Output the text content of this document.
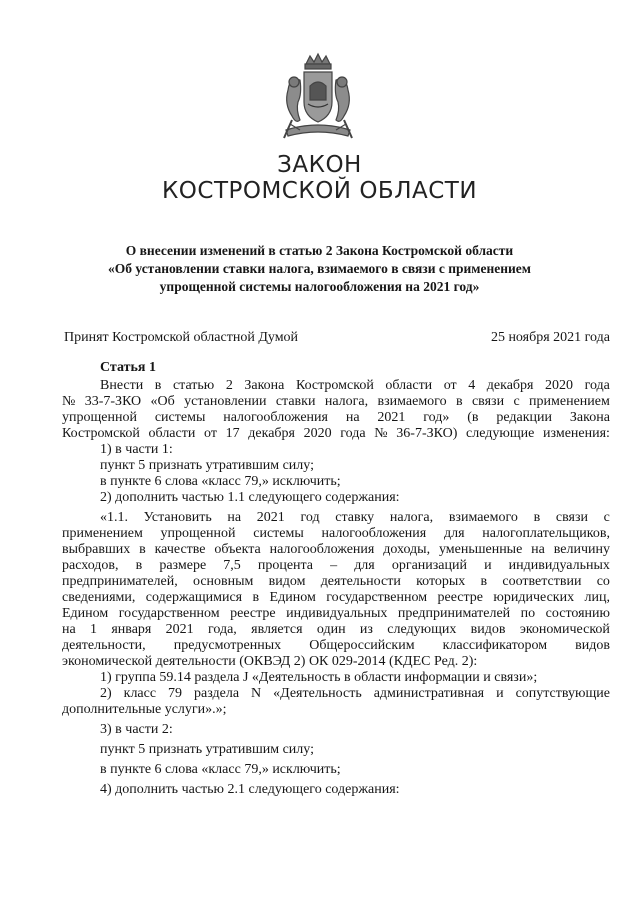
ЗАКОН
КОСТРОМСКОЙ ОБЛАСТИ
О внесении изменений в статью 2 Закона Костромской области
«Об установлении ставки налога, взимаемого в связи с применением
упрощенной системы налогообложения на 2021 год»
Принят Костромской областной Думой	25 ноября 2021 года
Статья 1
Внести в статью 2 Закона Костромской области от 4 декабря 2020 года
№ 33-7-ЗКО «Об установлении ставки налога, взимаемого в связи с применением
упрощенной системы налогообложения на 2021 год» (в редакции Закона
Костромской области от 17 декабря 2020 года № 36-7-ЗКО) следующие изменения:
1) в части 1:
пункт 5 признать утратившим силу;
в пункте 6 слова «класс 79,» исключить;
2) дополнить частью 1.1 следующего содержания:
«1.1. Установить на 2021 год ставку налога, взимаемого в связи с
применением упрощенной системы налогообложения для налогоплательщиков,
выбравших в качестве объекта налогообложения доходы, уменьшенные на величину
расходов, в размере 7,5 процента – для организаций и индивидуальных
предпринимателей, основным видом деятельности которых в соответствии со
сведениями, содержащимися в Едином государственном реестре юридических лиц,
Едином государственном реестре индивидуальных предпринимателей по состоянию
на 1 января 2021 года, является один из следующих видов экономической
деятельности, предусмотренных Общероссийским классификатором видов
экономической деятельности (ОКВЭД 2) ОК 029-2014 (КДЕС Ред. 2):
1) группа 59.14 раздела J «Деятельность в области информации и связи»;
2) класс 79 раздела N «Деятельность административная и сопутствующие
дополнительные услуги».»;
3) в части 2:
пункт 5 признать утратившим силу;
в пункте 6 слова «класс 79,» исключить;
4) дополнить частью 2.1 следующего содержания:
